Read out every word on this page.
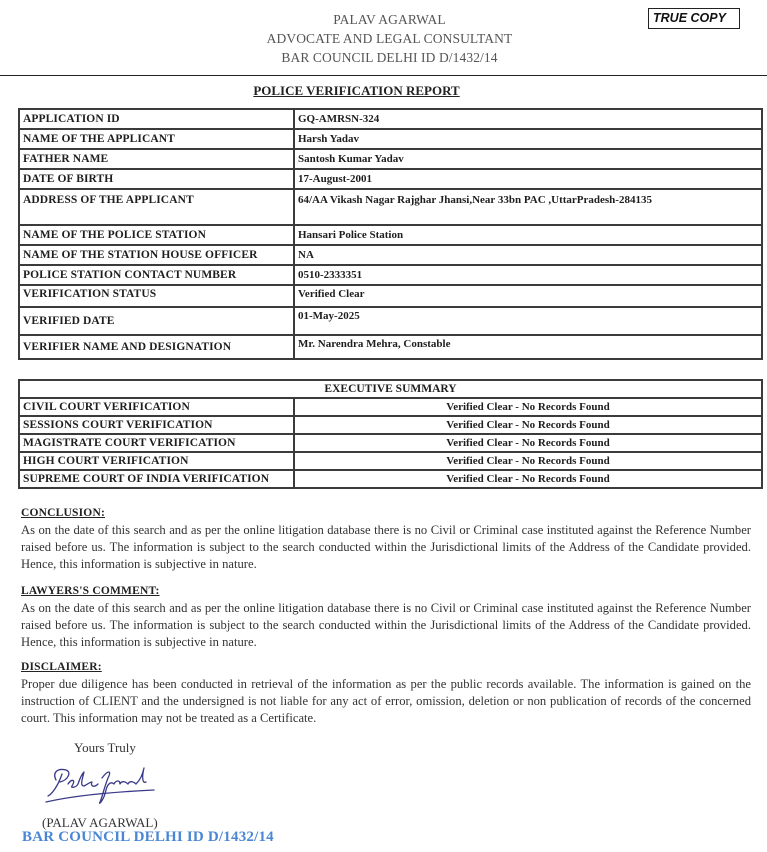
PALAV AGARWAL
ADVOCATE AND LEGAL CONSULTANT
BAR COUNCIL DELHI ID D/1432/14
TRUE COPY
POLICE VERIFICATION REPORT
APPLICATION ID	GQ-AMRSN-324
NAME OF THE APPLICANT	Harsh Yadav
FATHER NAME	Santosh Kumar Yadav
DATE OF BIRTH	17-August-2001
ADDRESS OF THE APPLICANT	64/AA Vikash Nagar Rajghar Jhansi,Near 33bn PAC ,UttarPradesh-284135
NAME OF THE POLICE STATION	Hansari Police Station
NAME OF THE STATION HOUSE OFFICER	NA
POLICE STATION CONTACT NUMBER	0510-2333351
VERIFICATION STATUS	Verified Clear
VERIFIED DATE	01-May-2025
VERIFIER NAME AND DESIGNATION	Mr. Narendra Mehra, Constable
EXECUTIVE SUMMARY	
CIVIL COURT VERIFICATION	Verified Clear - No Records Found
SESSIONS COURT VERIFICATION	Verified Clear - No Records Found
MAGISTRATE COURT VERIFICATION	Verified Clear - No Records Found
HIGH COURT VERIFICATION	Verified Clear - No Records Found
SUPREME COURT OF INDIA VERIFICATION	Verified Clear - No Records Found
CONCLUSION:

As on the date of this search and as per the online litigation database there is no Civil or Criminal case instituted against the Reference Number raised before us. The information is subject to the search conducted within the Jurisdictional limits of the Address of the Candidate provided. Hence, this information is subjective in nature.

LAWYERS'S COMMENT:

As on the date of this search and as per the online litigation database there is no Civil or Criminal case instituted against the Reference Number raised before us. The information is subject to the search conducted within the Jurisdictional limits of the Address of the Candidate provided. Hence, this information is subjective in nature.

DISCLAIMER:

Proper due diligence has been conducted in retrieval of the information as per the public records available. The information is gained on the instruction of CLIENT and the undersigned is not liable for any act of error, omission, deletion or non publication of records of the concerned court. This information may not be treated as a Certificate.

Yours Truly
(PALAV AGARWAL)
BAR COUNCIL DELHI ID D/1432/14
